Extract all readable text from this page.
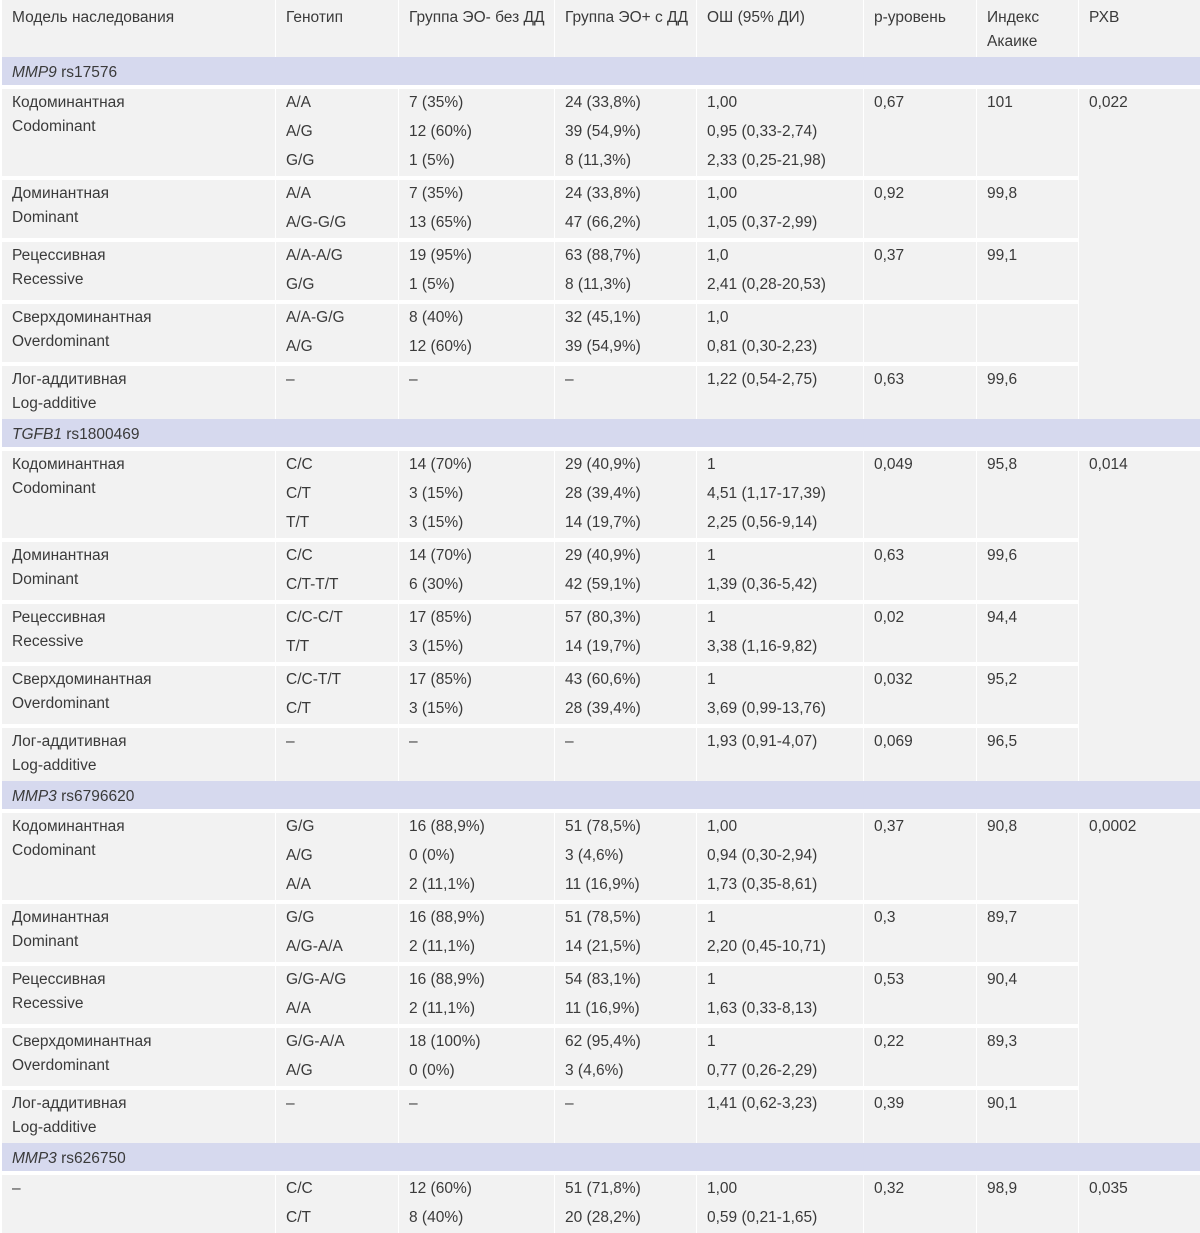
Модель наследования	Генотип	Группа ЭО- без ДД	Группа ЭО+ с ДД	ОШ (95% ДИ)	p-уровень	Индекс Акаике	РХВ
MMP9 rs17576							

Кодоминантная
Codominant	A/A	7 (35%)	24 (33,8%)	1,00	0,67	101	0,022
	A/G	12 (60%)	39 (54,9%)	0,95 (0,33-2,74)			
	G/G	1 (5%)	8 (11,3%)	2,33 (0,25-21,98)			

Доминантная
Dominant	A/A	7 (35%)	24 (33,8%)	1,00	0,92	99,8	
	A/G-G/G	13 (65%)	47 (66,2%)	1,05 (0,37-2,99)			

Рецессивная
Recessive	A/A-A/G	19 (95%)	63 (88,7%)	1,0	0,37	99,1	
	G/G	1 (5%)	8 (11,3%)	2,41 (0,28-20,53)			

Сверхдоминантная
Overdominant	A/A-G/G	8 (40%)	32 (45,1%)	1,0			
	A/G	12 (60%)	39 (54,9%)	0,81 (0,30-2,23)			

Лог-аддитивная
Log-additive	–	–	–	1,22 (0,54-2,75)	0,63	99,6	
TGFB1 rs1800469							

Кодоминантная
Codominant	C/C	14 (70%)	29 (40,9%)	1	0,049	95,8	0,014
	C/T	3 (15%)	28 (39,4%)	4,51 (1,17-17,39)			
	T/T	3 (15%)	14 (19,7%)	2,25 (0,56-9,14)			

Доминантная
Dominant	C/C	14 (70%)	29 (40,9%)	1	0,63	99,6	
	C/T-T/T	6 (30%)	42 (59,1%)	1,39 (0,36-5,42)			

Рецессивная
Recessive	C/C-C/T	17 (85%)	57 (80,3%)	1	0,02	94,4	
	T/T	3 (15%)	14 (19,7%)	3,38 (1,16-9,82)			

Сверхдоминантная
Overdominant	C/C-T/T	17 (85%)	43 (60,6%)	1	0,032	95,2	
	C/T	3 (15%)	28 (39,4%)	3,69 (0,99-13,76)			

Лог-аддитивная
Log-additive	–	–	–	1,93 (0,91-4,07)	0,069	96,5	
MMP3 rs6796620							

Кодоминантная
Codominant	G/G	16 (88,9%)	51 (78,5%)	1,00	0,37	90,8	0,0002
	A/G	0 (0%)	3 (4,6%)	0,94 (0,30-2,94)			
	A/A	2 (11,1%)	11 (16,9%)	1,73 (0,35-8,61)			

Доминантная
Dominant	G/G	16 (88,9%)	51 (78,5%)	1	0,3	89,7	
	A/G-A/A	2 (11,1%)	14 (21,5%)	2,20 (0,45-10,71)			

Рецессивная
Recessive	G/G-A/G	16 (88,9%)	54 (83,1%)	1	0,53	90,4	
	A/A	2 (11,1%)	11 (16,9%)	1,63 (0,33-8,13)			

Сверхдоминантная
Overdominant	G/G-A/A	18 (100%)	62 (95,4%)	1	0,22	89,3	
	A/G	0 (0%)	3 (4,6%)	0,77 (0,26-2,29)			

Лог-аддитивная
Log-additive	–	–	–	1,41 (0,62-3,23)	0,39	90,1	
MMP3 rs626750							

–	C/C	12 (60%)	51 (71,8%)	1,00	0,32	98,9	0,035
	C/T	8 (40%)	20 (28,2%)	0,59 (0,21-1,65)			
